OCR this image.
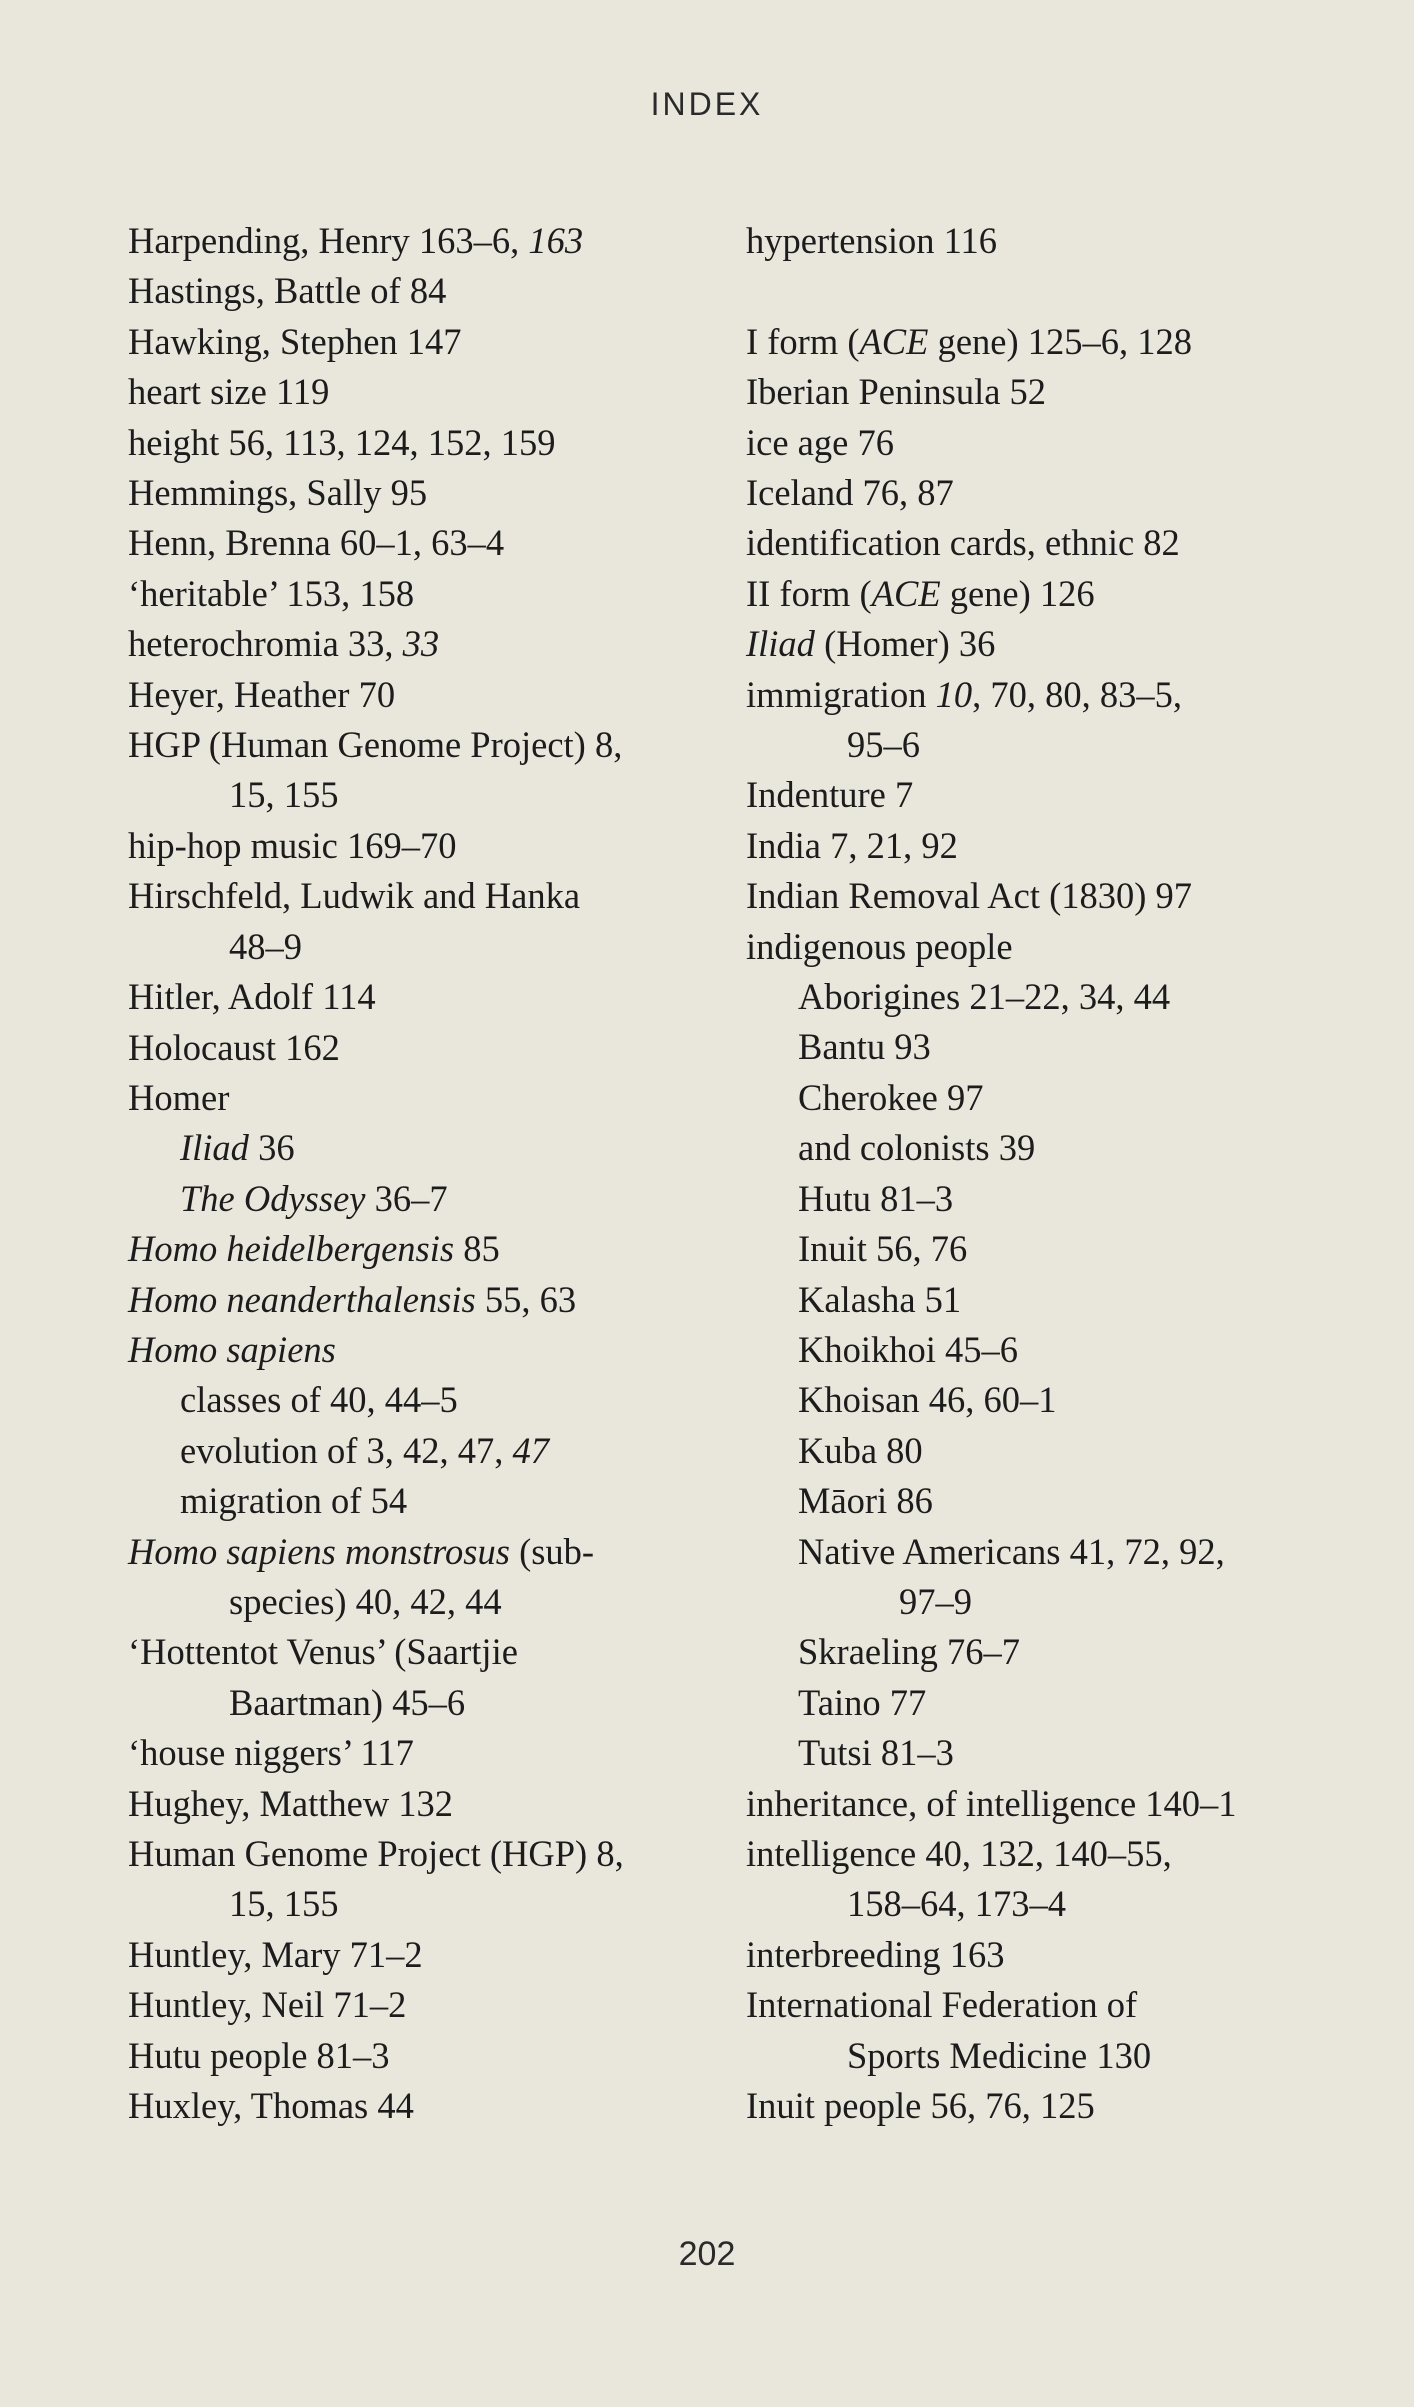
INDEX
Harpending, Henry 163–6, 163
Hastings, Battle of 84
Hawking, Stephen 147
heart size 119
height 56, 113, 124, 152, 159
Hemmings, Sally 95
Henn, Brenna 60–1, 63–4
‘heritable’ 153, 158
heterochromia 33, 33
Heyer, Heather 70
HGP (Human Genome Project) 8,
15, 155
hip-hop music 169–70
Hirschfeld, Ludwik and Hanka
48–9
Hitler, Adolf 114
Holocaust 162
Homer
Iliad 36
The Odyssey 36–7
Homo heidelbergensis 85
Homo neanderthalensis 55, 63
Homo sapiens
classes of 40, 44–5
evolution of 3, 42, 47, 47
migration of 54
Homo sapiens monstrosus (sub-
species) 40, 42, 44
‘Hottentot Venus’ (Saartjie
Baartman) 45–6
‘house niggers’ 117
Hughey, Matthew 132
Human Genome Project (HGP) 8,
15, 155
Huntley, Mary 71–2
Huntley, Neil 71–2
Hutu people 81–3
Huxley, Thomas 44
hypertension 116
I form (ACE gene) 125–6, 128
Iberian Peninsula 52
ice age 76
Iceland 76, 87
identification cards, ethnic 82
II form (ACE gene) 126
Iliad (Homer) 36
immigration 10, 70, 80, 83–5,
95–6
Indenture 7
India 7, 21, 92
Indian Removal Act (1830) 97
indigenous people
Aborigines 21–22, 34, 44
Bantu 93
Cherokee 97
and colonists 39
Hutu 81–3
Inuit 56, 76
Kalasha 51
Khoikhoi 45–6
Khoisan 46, 60–1
Kuba 80
Māori 86
Native Americans 41, 72, 92,
97–9
Skraeling 76–7
Taino 77
Tutsi 81–3
inheritance, of intelligence 140–1
intelligence 40, 132, 140–55,
158–64, 173–4
interbreeding 163
International Federation of
Sports Medicine 130
Inuit people 56, 76, 125
202
